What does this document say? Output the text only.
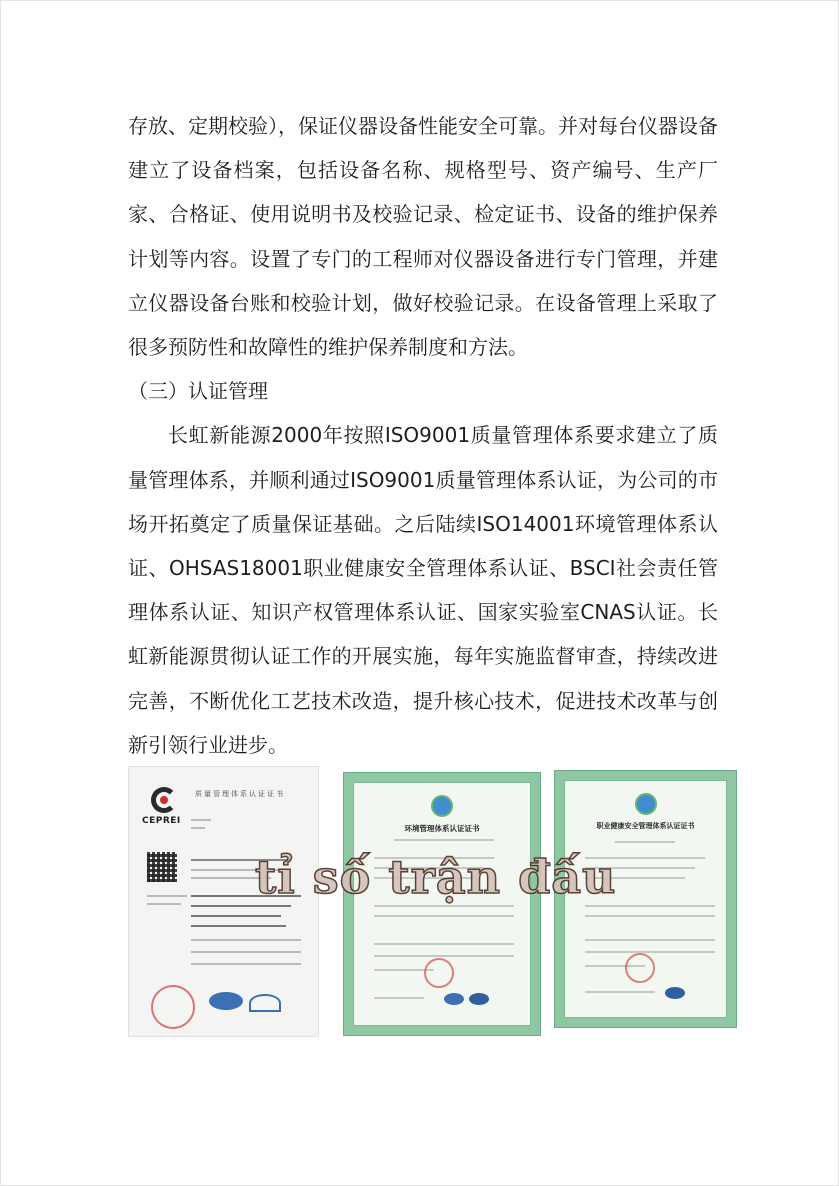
存放、定期校验），保证仪器设备性能安全可靠。并对每台仪器设备建立了设备档案，包括设备名称、规格型号、资产编号、生产厂家、合格证、使用说明书及校验记录、检定证书、设备的维护保养计划等内容。设置了专门的工程师对仪器设备进行专门管理，并建立仪器设备台账和校验计划，做好校验记录。在设备管理上采取了很多预防性和故障性的维护保养制度和方法。

（三）认证管理

长虹新能源2000年按照ISO9001质量管理体系要求建立了质量管理体系，并顺利通过ISO9001质量管理体系认证，为公司的市场开拓奠定了质量保证基础。之后陆续ISO14001环境管理体系认证、OHSAS18001职业健康安全管理体系认证、BSCI社会责任管理体系认证、知识产权管理体系认证、国家实验室CNAS认证。长虹新能源贯彻认证工作的开展实施，每年实施监督审查，持续改进完善，不断优化工艺技术改造，提升核心技术，促进技术改革与创新引领行业进步。

CEPREI
质量管理体系认证证书
环境管理体系认证证书	职业健康安全管理体系认证证书
tỉ số trận đấu
